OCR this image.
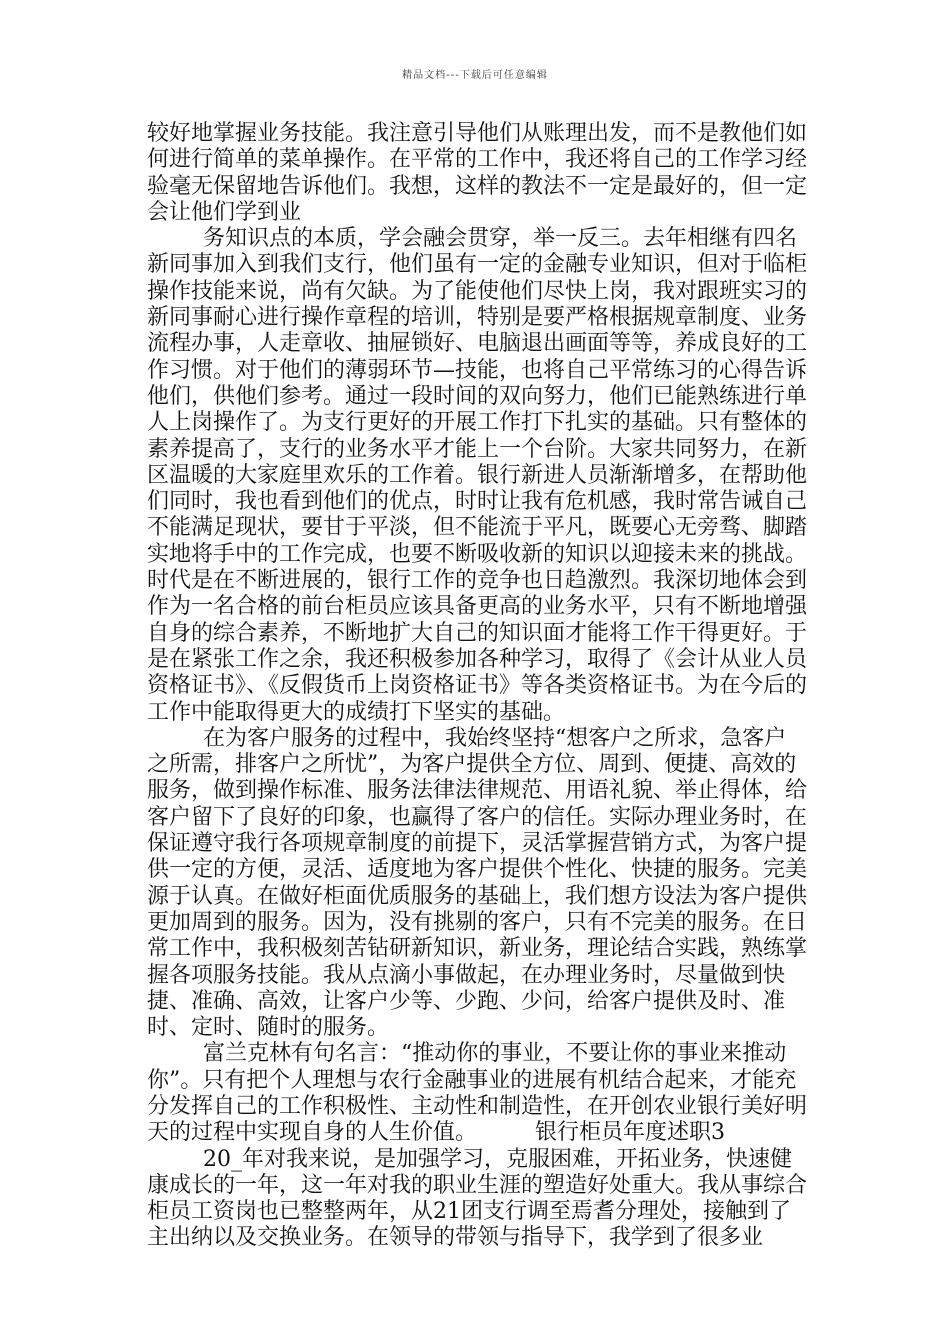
精品文档---下载后可任意编辑

较好地掌握业务技能。我注意引导他们从账理出发，而不是教他们如何进行简单的菜单操作。在平常的工作中，我还将自己的工作学习经验毫无保留地告诉他们。我想，这样的教法不一定是最好的，但一定会让他们学到业

务知识点的本质，学会融会贯穿，举一反三。去年相继有四名新同事加入到我们支行，他们虽有一定的金融专业知识，但对于临柜操作技能来说，尚有欠缺。为了能使他们尽快上岗，我对跟班实习的新同事耐心进行操作章程的培训，特别是要严格根据规章制度、业务流程办事，人走章收、抽屉锁好、电脑退出画面等等，养成良好的工作习惯。对于他们的薄弱环节—技能，也将自己平常练习的心得告诉他们，供他们参考。通过一段时间的双向努力，他们已能熟练进行单人上岗操作了。为支行更好的开展工作打下扎实的基础。只有整体的素养提高了，支行的业务水平才能上一个台阶。大家共同努力，在新区温暖的大家庭里欢乐的工作着。银行新进人员渐渐增多，在帮助他们同时，我也看到他们的优点，时时让我有危机感，我时常告诫自己不能满足现状，要甘于平淡，但不能流于平凡，既要心无旁骛、脚踏实地将手中的工作完成，也要不断吸收新的知识以迎接未来的挑战。时代是在不断进展的，银行工作的竞争也日趋激烈。我深切地体会到作为一名合格的前台柜员应该具备更高的业务水平，只有不断地增强自身的综合素养，不断地扩大自己的知识面才能将工作干得更好。于是在紧张工作之余，我还积极参加各种学习，取得了《会计从业人员资格证书》、《反假货币上岗资格证书》等各类资格证书。为在今后的工作中能取得更大的成绩打下坚实的基础。

在为客户服务的过程中，我始终坚持“想客户之所求，急客户之所需，排客户之所忧”，为客户提供全方位、周到、便捷、高效的服务，做到操作标准、服务法律法律规范、用语礼貌、举止得体，给客户留下了良好的印象，也赢得了客户的信任。实际办理业务时，在保证遵守我行各项规章制度的前提下，灵活掌握营销方式，为客户提供一定的方便，灵活、适度地为客户提供个性化、快捷的服务。完美源于认真。在做好柜面优质服务的基础上，我们想方设法为客户提供更加周到的服务。因为，没有挑剔的客户，只有不完美的服务。在日常工作中，我积极刻苦钻研新知识，新业务，理论结合实践，熟练掌握各项服务技能。我从点滴小事做起，在办理业务时，尽量做到快捷、准确、高效，让客户少等、少跑、少问，给客户提供及时、准时、定时、随时的服务。

富兰克林有句名言：“推动你的事业，不要让你的事业来推动你”。只有把个人理想与农行金融事业的进展有机结合起来，才能充分发挥自己的工作积极性、主动性和制造性，在开创农业银行美好明天的过程中实现自身的人生价值。	银行柜员年度述职3

20_年对我来说，是加强学习，克服困难，开拓业务，快速健康成长的一年，这一年对我的职业生涯的塑造好处重大。我从事综合柜员工资岗也已整整两年，从21团支行调至焉耆分理处，接触到了主出纳以及交换业务。在领导的带领与指导下，我学到了很多业
